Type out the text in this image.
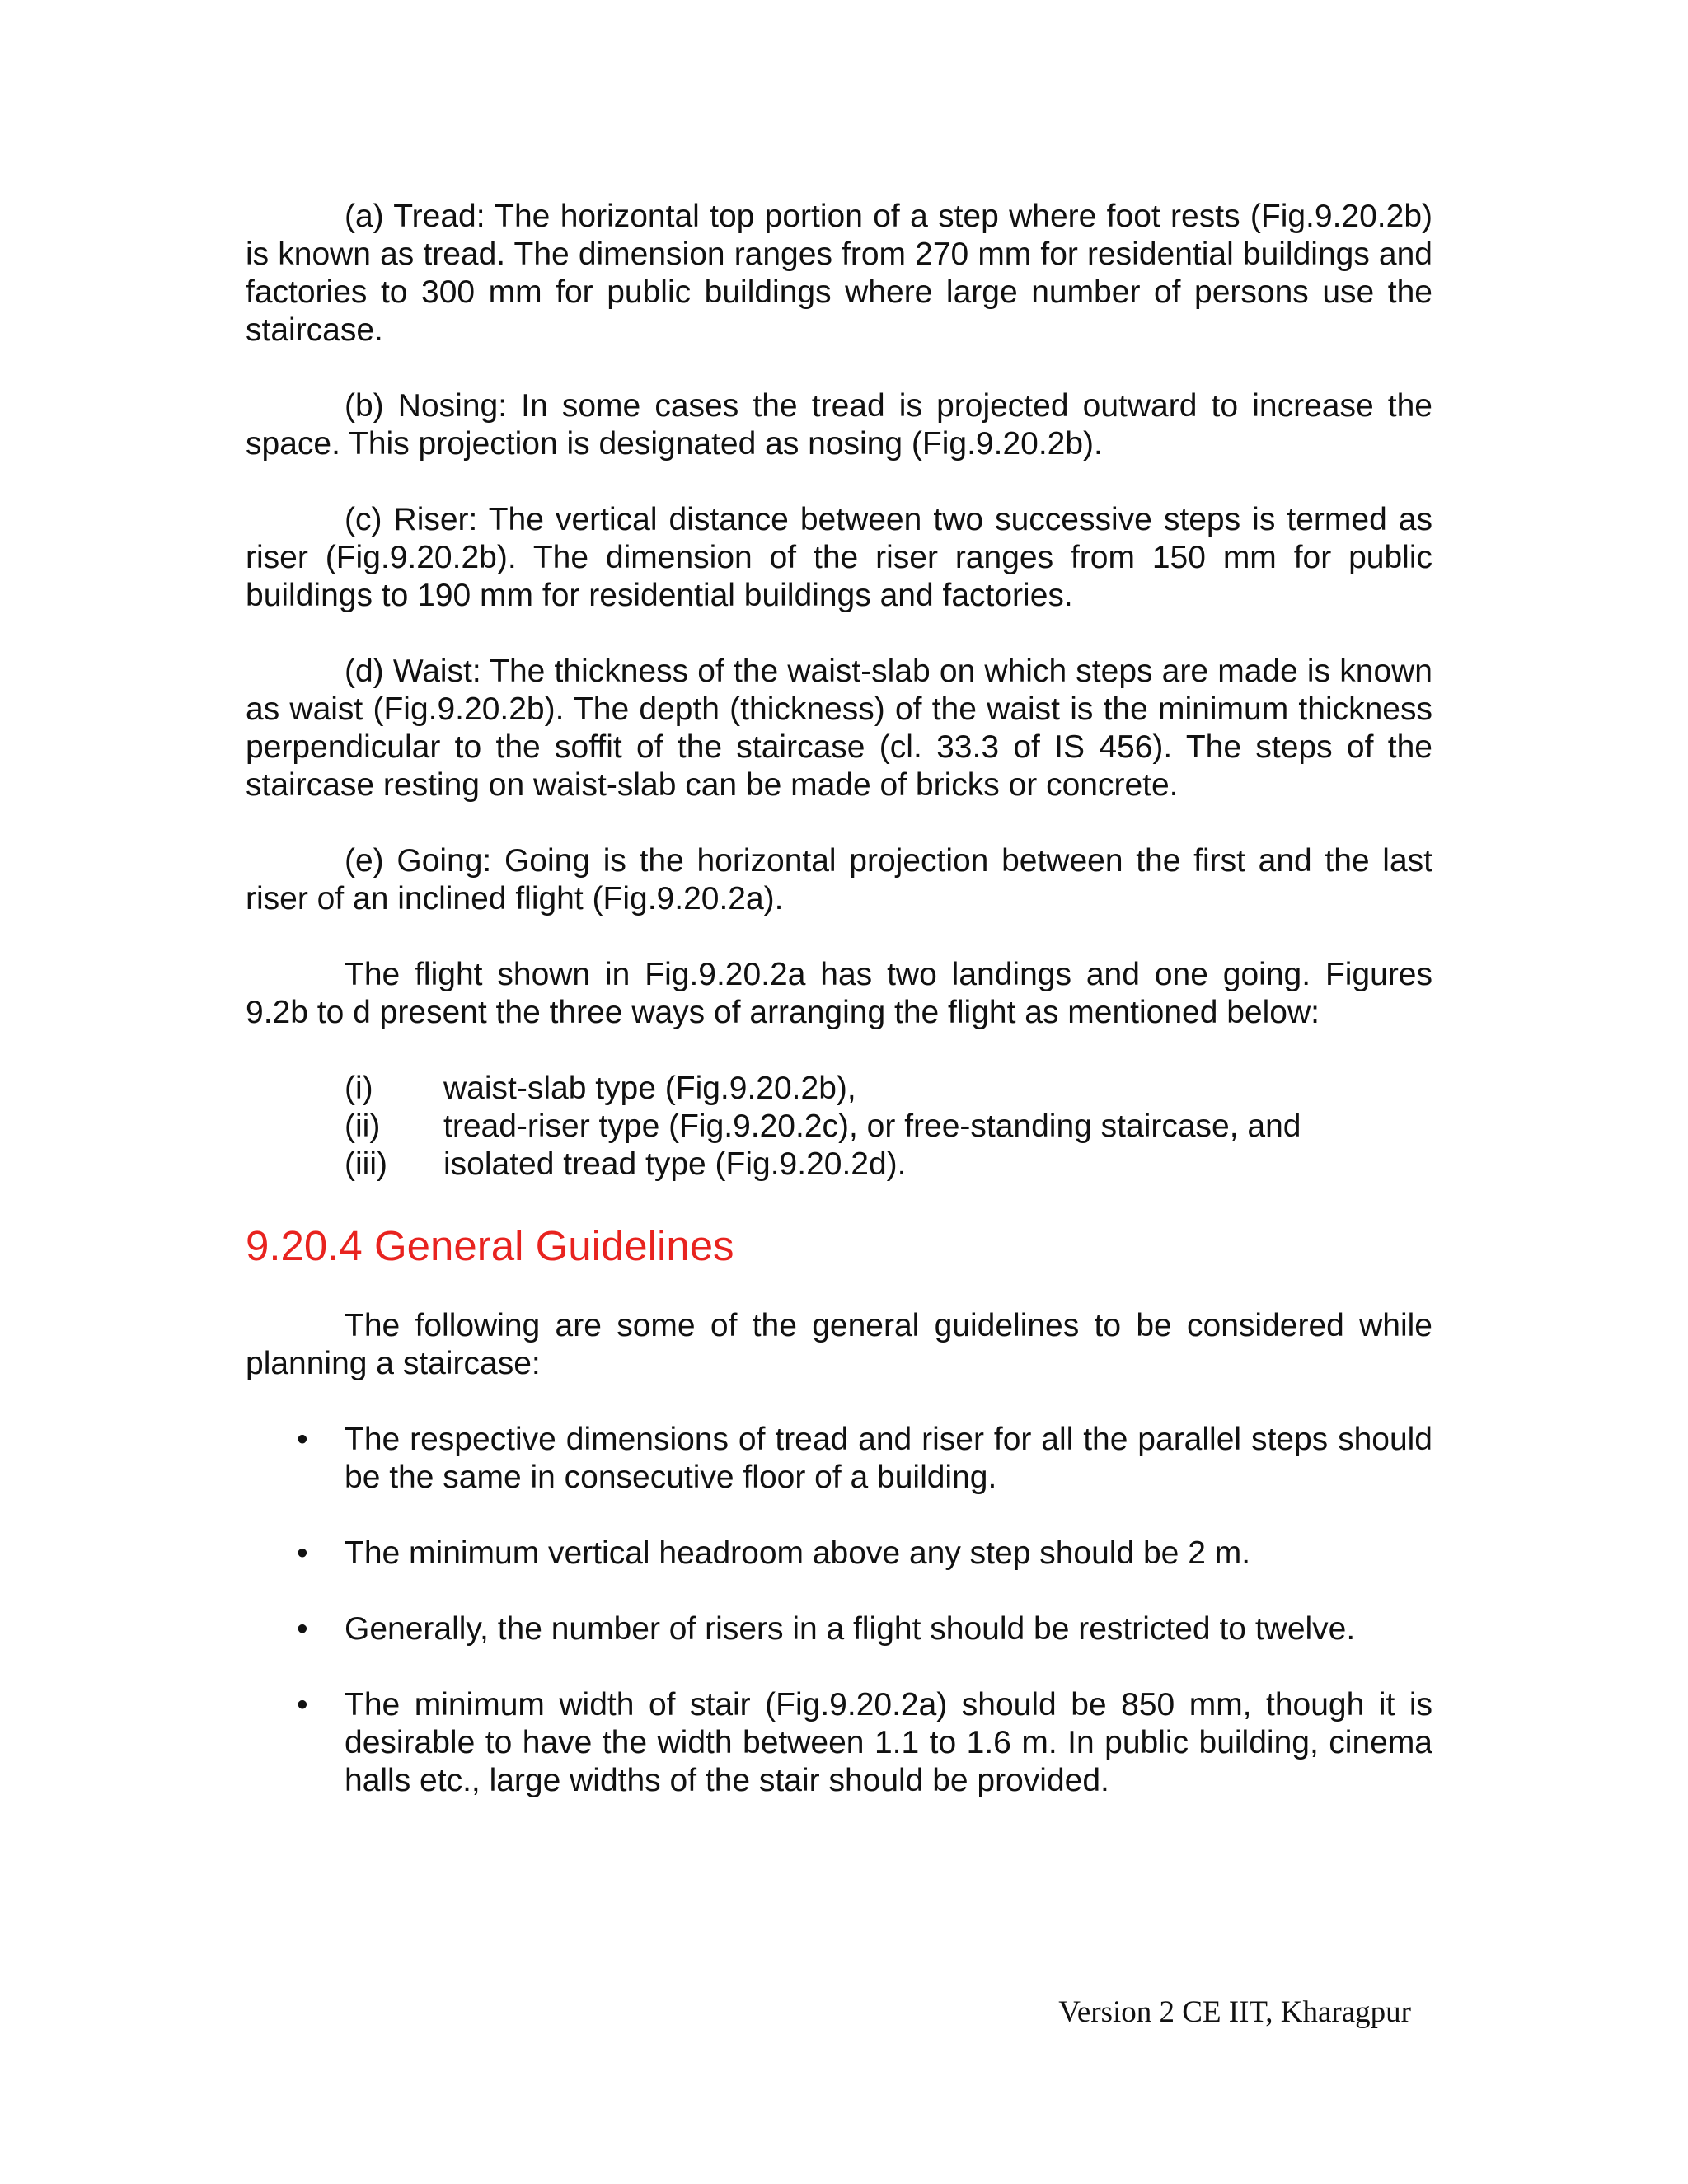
(a) Tread: The horizontal top portion of a step where foot rests (Fig.9.20.2b) is known as tread. The dimension ranges from 270 mm for residential buildings and factories to 300 mm for public buildings where large number of persons use the staircase.

(b) Nosing: In some cases the tread is projected outward to increase the space. This projection is designated as nosing (Fig.9.20.2b).

(c) Riser: The vertical distance between two successive steps is termed as riser (Fig.9.20.2b). The dimension of the riser ranges from 150 mm for public buildings to 190 mm for residential buildings and factories.

(d) Waist: The thickness of the waist-slab on which steps are made is known as waist (Fig.9.20.2b). The depth (thickness) of the waist is the minimum thickness perpendicular to the soffit of the staircase (cl. 33.3 of IS 456). The steps of the staircase resting on waist-slab can be made of bricks or concrete.

(e) Going: Going is the horizontal projection between the first and the last riser of an inclined flight (Fig.9.20.2a).

The flight shown in Fig.9.20.2a has two landings and one going. Figures 9.2b to d present the three ways of arranging the flight as mentioned below:

(i)	waist-slab type (Fig.9.20.2b),
(ii)	tread-riser type (Fig.9.20.2c), or free-standing staircase, and
(iii)	isolated tread type (Fig.9.20.2d).
9.20.4 General Guidelines

The following are some of the general guidelines to be considered while planning a staircase:

•	The respective dimensions of tread and riser for all the parallel steps should be the same in consecutive floor of a building.
•	The minimum vertical headroom above any step should be 2 m.
•	Generally, the number of risers in a flight should be restricted to twelve.
•	The minimum width of stair (Fig.9.20.2a) should be 850 mm, though it is desirable to have the width between 1.1 to 1.6 m. In public building, cinema halls etc., large widths of the stair should be provided.
Version 2 CE IIT, Kharagpur
